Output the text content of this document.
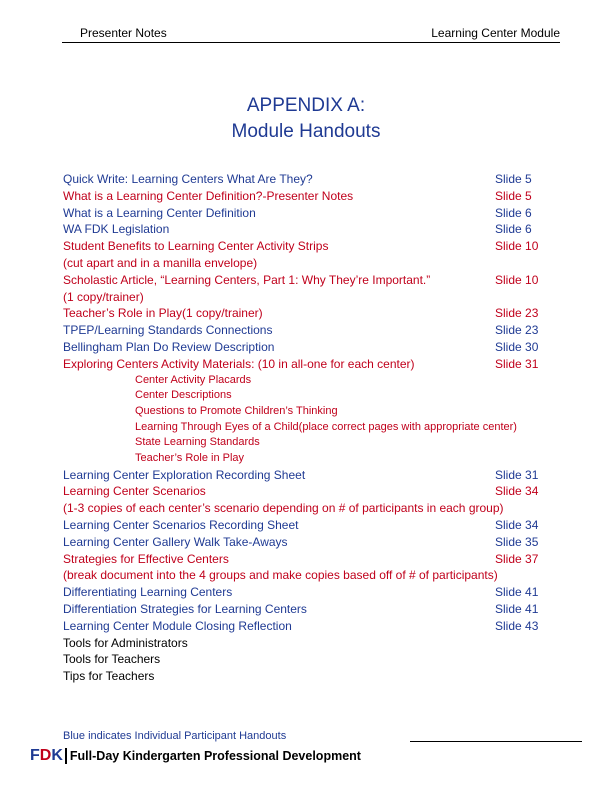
Presenter Notes	Learning Center Module
APPENDIX A:
Module Handouts
Quick Write: Learning Centers What Are They?	Slide 5
What is a Learning Center Definition?-Presenter Notes	Slide 5
What is a Learning Center Definition	Slide 6
WA FDK Legislation	Slide 6
Student Benefits to Learning Center Activity Strips	Slide 10
(cut apart and in a manilla envelope)
Scholastic Article, “Learning Centers, Part 1: Why They’re Important.”	Slide 10
(1 copy/trainer)
Teacher’s Role in Play(1 copy/trainer)	Slide 23
TPEP/Learning Standards Connections	Slide 23
Bellingham Plan Do Review Description	Slide 30
Exploring Centers Activity Materials: (10 in all-one for each center)	Slide 31
Center Activity Placards
Center Descriptions
Questions to Promote Children’s Thinking
Learning Through Eyes of a Child(place correct pages with appropriate center)
State Learning Standards
Teacher’s Role in Play
Learning Center Exploration Recording Sheet	Slide 31
Learning Center Scenarios	Slide 34
(1-3 copies of each center’s scenario depending on # of participants in each group)
Learning Center Scenarios Recording Sheet	Slide 34
Learning Center Gallery Walk Take-Aways	Slide 35
Strategies for Effective Centers	Slide 37
(break document into the 4 groups and make copies based off of # of participants)
Differentiating Learning Centers	Slide 41
Differentiation Strategies for Learning Centers	Slide 41
Learning Center Module Closing Reflection	Slide 43
Tools for Administrators
Tools for Teachers
Tips for Teachers
Blue indicates Individual Participant Handouts
FDK Full-Day Kindergarten Professional Development
